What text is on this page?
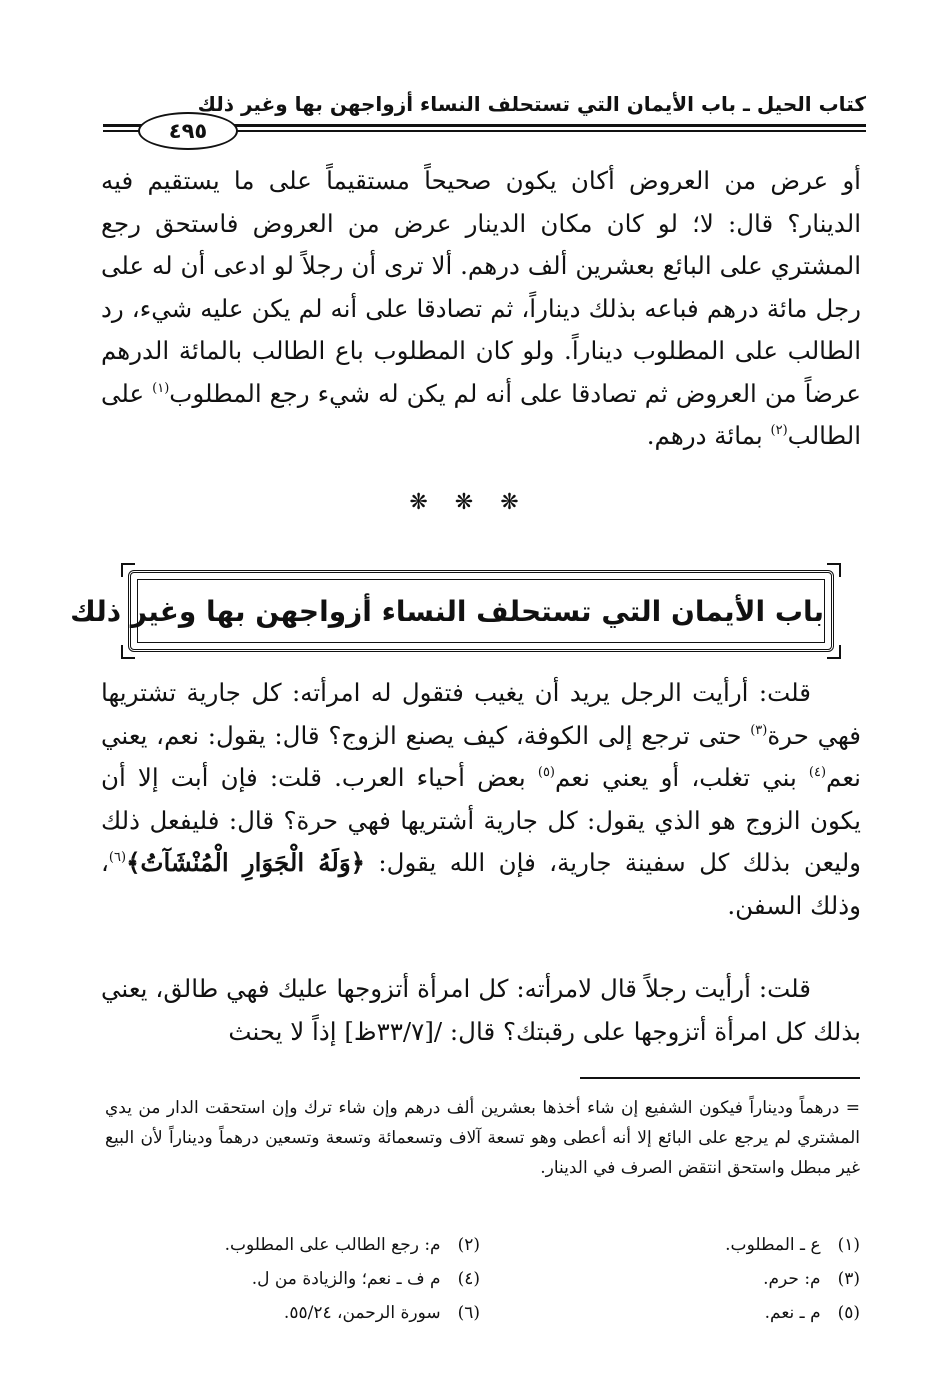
كتاب الحيل ـ باب الأيمان التي تستحلف النساء أزواجهن بها وغير ذلك
٤٩٥
أو عرض من العروض أكان يكون صحيحاً مستقيماً على ما يستقيم فيه الدينار؟ قال: لا؛ لو كان مكان الدينار عرض من العروض فاستحق رجع المشتري على البائع بعشرين ألف درهم. ألا ترى أن رجلاً لو ادعى أن له على رجل مائة درهم فباعه بذلك ديناراً، ثم تصادقا على أنه لم يكن عليه شيء، رد الطالب على المطلوب ديناراً. ولو كان المطلوب باع الطالب بالمائة الدرهم عرضاً من العروض ثم تصادقا على أنه لم يكن له شيء رجع المطلوب$^{(١)}$ على الطالب$^{(٢)}$ بمائة درهم.
❋ ❋ ❋
باب الأيمان التي تستحلف النساء أزواجهن بها وغير ذلك
قلت: أرأيت الرجل يريد أن يغيب فتقول له امرأته: كل جارية تشتريها فهي حرة$^{(٣)}$ حتى ترجع إلى الكوفة، كيف يصنع الزوج؟ قال: يقول: نعم، يعني نعم$^{(٤)}$ بني تغلب، أو يعني نعم$^{(٥)}$ بعض أحياء العرب. قلت: فإن أبت إلا أن يكون الزوج هو الذي يقول: كل جارية أشتريها فهي حرة؟ قال: فليفعل ذلك وليعن بذلك كل سفينة جارية، فإن الله يقول: ﴿وَلَهُ الْجَوَارِ الْمُنْشَآتُ﴾$^{(٦)}$، وذلك السفن.
قلت: أرأيت رجلاً قال لامرأته: كل امرأة أتزوجها عليك فهي طالق، يعني بذلك كل امرأة أتزوجها على رقبتك؟ قال: /[٣٣/٧ظ] إذاً لا يحنث
= درهماً وديناراً فيكون الشفيع إن شاء أخذها بعشرين ألف درهم وإن شاء ترك وإن استحقت الدار من يدي المشتري لم يرجع على البائع إلا أنه أعطى وهو تسعة آلاف وتسعمائة وتسعة وتسعين درهماً وديناراً لأن البيع غير مبطل واستحق انتقض الصرف في الدينار.
(١) ع ـ المطلوب.
(٢) م: رجع الطالب على المطلوب.
(٣) م: حرم.
(٤) م ف ـ نعم؛ والزيادة من ل.
(٥) م ـ نعم.
(٦) سورة الرحمن، ٥٥/٢٤.
